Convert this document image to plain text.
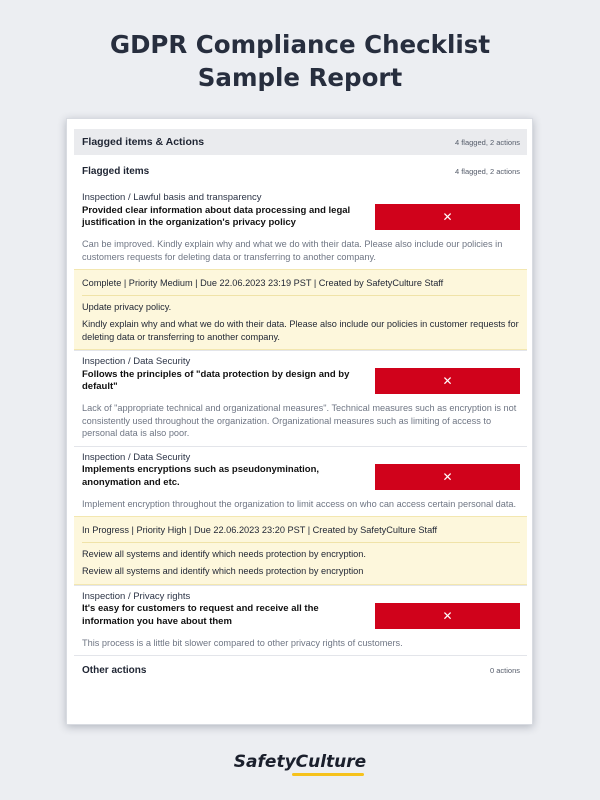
GDPR Compliance Checklist
Sample Report
Flagged items & Actions	4 flagged, 2 actions
Flagged items	4 flagged, 2 actions
Inspection / Lawful basis and transparency
Provided clear information about data processing and legal justification in the organization's privacy policy	✕
Can be improved. Kindly explain why and what we do with their data. Please also include our policies in customers requests for deleting data or transferring to another company.
Complete | Priority Medium | Due 22.06.2023 23:19 PST | Created by SafetyCulture Staff
Update privacy policy.
Kindly explain why and what we do with their data. Please also include our policies in customer requests for deleting data or transferring to another company.
Inspection / Data Security
Follows the principles of "data protection by design and by default"	✕
Lack of "appropriate technical and organizational measures". Technical measures such as encryption is not consistently used throughout the organization. Organizational measures such as limiting of access to personal data is also poor.
Inspection / Data Security
Implements encryptions such as pseudonymination, anonymation and etc.	✕
Implement encryption throughout the organization to limit access on who can access certain personal data.
In Progress | Priority High | Due 22.06.2023 23:20 PST | Created by SafetyCulture Staff
Review all systems and identify which needs protection by encryption.
Review all systems and identify which needs protection by encryption
Inspection / Privacy rights
It's easy for customers to request and receive all the information you have about them	✕
This process is a little bit slower compared to other privacy rights of customers.
Other actions	0 actions
SafetyCulture
